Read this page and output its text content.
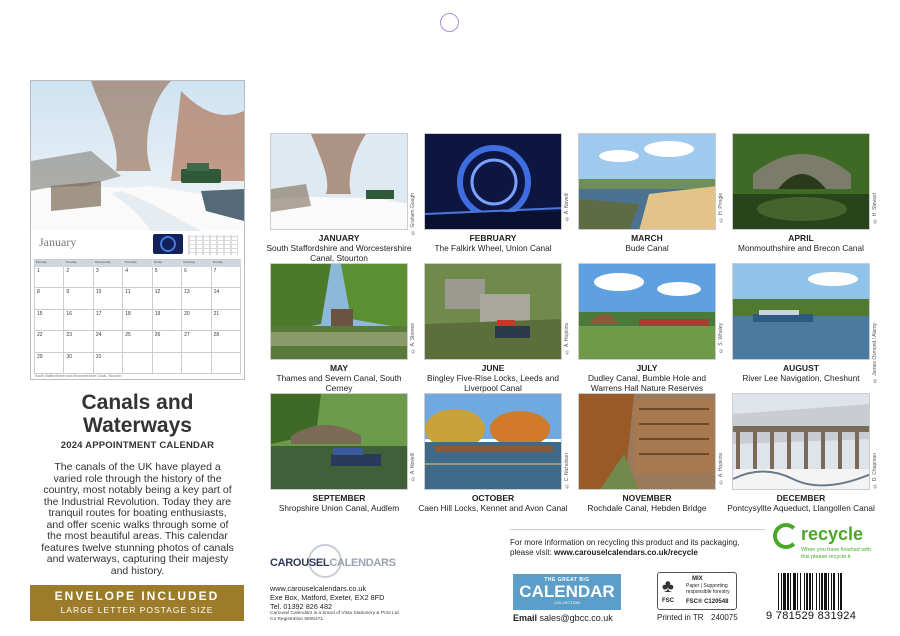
January
Monday	Tuesday	Wednesday	Thursday	Friday	Saturday	Sunday
1	2	3	4	5	6	7
8	9	10	11	12	13	14
15	16	17	18	19	20	21
22	23	24	25	26	27	28
29	30	31
South Staffordshire and Worcestershire Canal, Stourton
Canals and Waterways
2024 APPOINTMENT CALENDAR
The canals of the UK have played a varied role through the history of the country, most notably being a key part of the Industrial Revolution. Today they are tranquil routes for boating enthusiasts, and offer scenic walks through some of the most beautiful areas. This calendar features twelve stunning photos of canals and waterways, capturing their majesty and history.
ENVELOPE INCLUDED
LARGE LETTER POSTAGE SIZE
© Graham Gough
JANUARY
South Staffordshire and Worcestershire Canal, Stourton
© A. Novelli
FEBRUARY
The Falkirk Wheel, Union Canal
© H. Pringle
MARCH
Bude Canal
© H. Stewart
APRIL
Monmouthshire and Brecon Canal
© A. Strevee
MAY
Thames and Severn Canal, South Cerney
© A. Hopkins
JUNE
Bingley Five-Rise Locks, Leeds and Liverpool Canal
© S. Whaley
JULY
Dudley Canal, Bumble Hole and Warrens Hall Nature Reserves
© James Osmond / Alamy
AUGUST
River Lee Navigation, Cheshunt
© A. Novelli
SEPTEMBER
Shropshire Union Canal, Audlem
© C. Nicholson
OCTOBER
Caen Hill Locks, Kennet and Avon Canal
© A. Hopkins
NOVEMBER
Rochdale Canal, Hebden Bridge
© D. Chapman
DECEMBER
Pontcysyllte Aqueduct, Llangollen Canal
For more information on recycling this product and its packaging,
please visit: www.carouselcalendars.co.uk/recycle
recycle
When you have finished with this please recycle it
CAROUSELCALENDARS
www.carouselcalendars.co.uk
Exe Box, Matford, Exeter, EX2 8FD
Tel. 01392 826 482
Carousel Calendars is a brand of Vista Stationery & Print Ltd.
Co Registration 5900471.
THE GREAT BIG
CALENDAR
COLLECTION
Email sales@gbcc.co.uk
♣	MIX
Paper | Supporting responsible forestry
FSC FSC® C120548
Printed in TR 240075	9 781529 831924
